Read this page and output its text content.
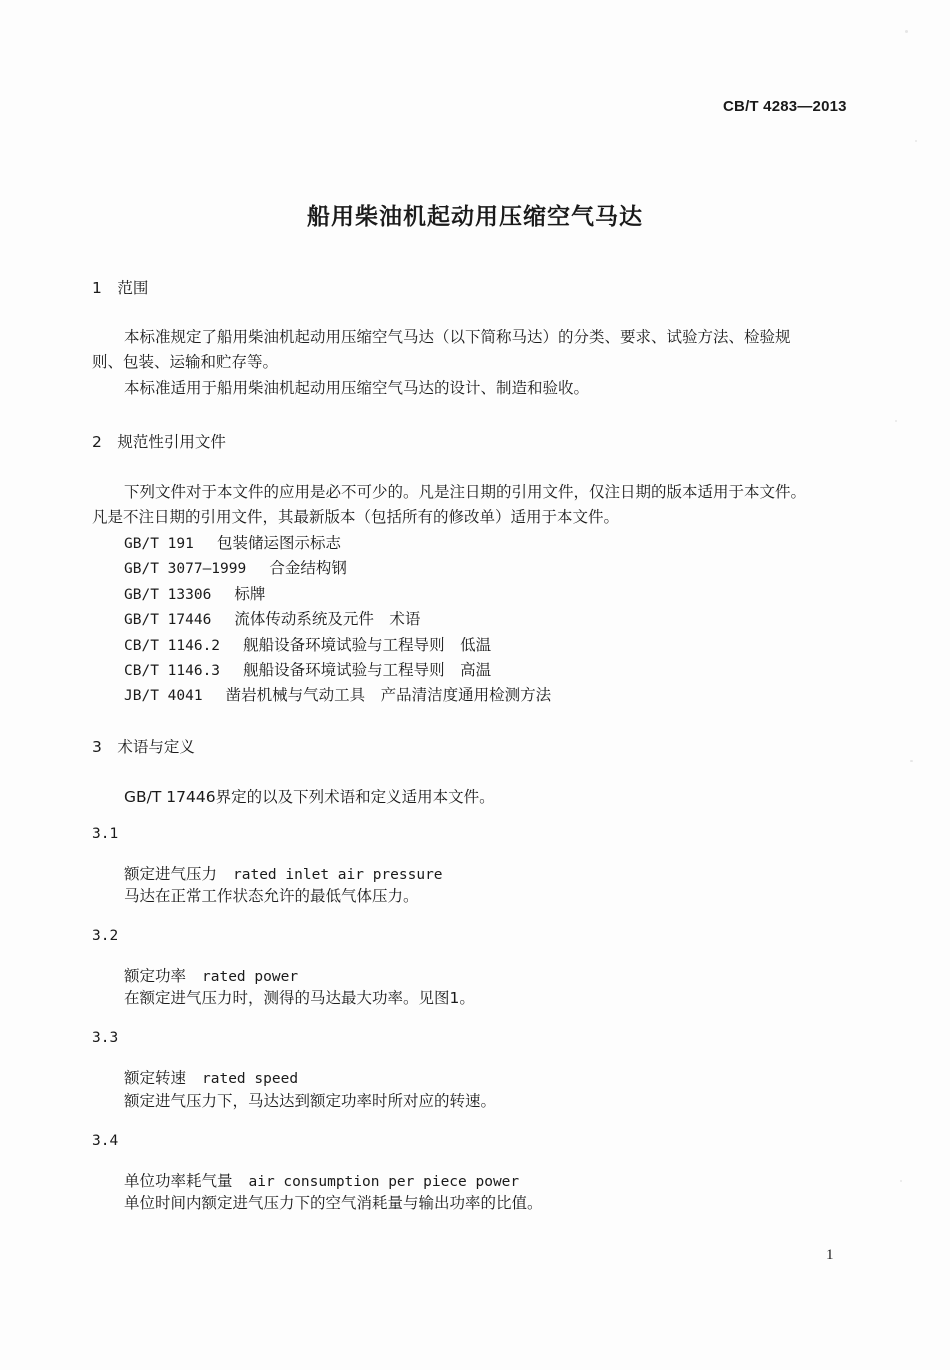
CB/T 4283—2013
船用柴油机起动用压缩空气马达
1　范围
本标准规定了船用柴油机起动用压缩空气马达（以下简称马达）的分类、要求、试验方法、检验规
则、包装、运输和贮存等。
本标准适用于船用柴油机起动用压缩空气马达的设计、制造和验收。
2　规范性引用文件
下列文件对于本文件的应用是必不可少的。凡是注日期的引用文件，仅注日期的版本适用于本文件。
凡是不注日期的引用文件，其最新版本（包括所有的修改单）适用于本文件。
GB/T 191 包装储运图示标志
GB/T 3077—1999 合金结构钢
GB/T 13306 标牌
GB/T 17446 流体传动系统及元件　术语
CB/T 1146.2 舰船设备环境试验与工程导则　低温
CB/T 1146.3 舰船设备环境试验与工程导则　高温
JB/T 4041 凿岩机械与气动工具　产品清洁度通用检测方法
3　术语与定义
GB/T 17446界定的以及下列术语和定义适用本文件。
3.1
额定进气压力 rated inlet air pressure
马达在正常工作状态允许的最低气体压力。
3.2
额定功率 rated power
在额定进气压力时，测得的马达最大功率。见图1。
3.3
额定转速 rated speed
额定进气压力下，马达达到额定功率时所对应的转速。
3.4
单位功率耗气量 air consumption per piece power
单位时间内额定进气压力下的空气消耗量与输出功率的比值。
1
